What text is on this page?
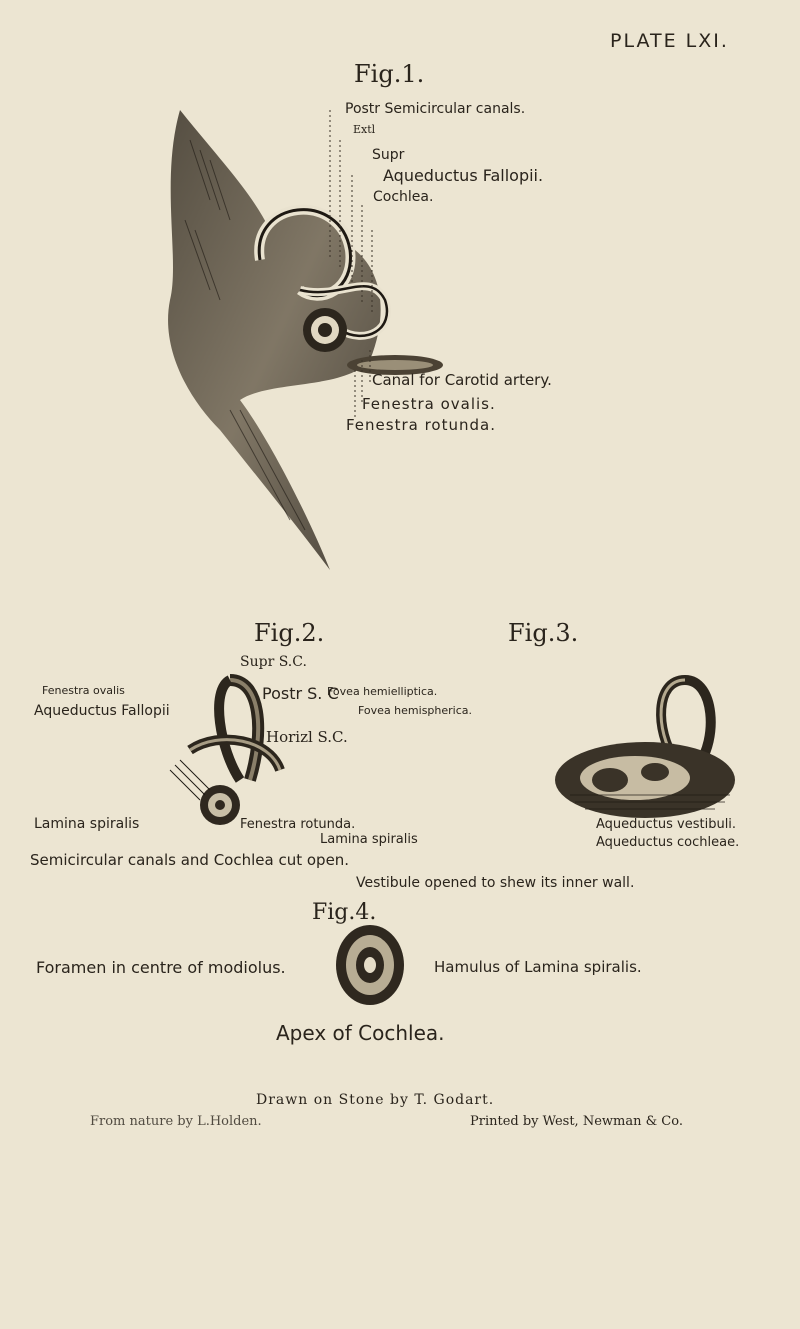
PLATE LXI.
Fig.1.
Postr Semicircular canals.
Extl
Supr
Aqueductus Fallopii.
Cochlea.
Canal for Carotid artery.
Fenestra ovalis.
Fenestra rotunda.
Fig.2.	Fig.3.
Supr S.C.
Fenestra ovalis
Aqueductus Fallopii
Postr S. C
Horizl S.C.
Lamina spiralis	Fenestra rotunda.
Fovea hemielliptica.
Fovea hemispherica.
Lamina spiralis
Aqueductus vestibuli.
Aqueductus cochleae.
Semicircular canals and Cochlea cut open.
Vestibule opened to shew its inner wall.
Fig.4.
Foramen in centre of modiolus.	Hamulus of Lamina spiralis.
Apex of Cochlea.
Drawn on Stone by T. Godart.
From nature by L.Holden.	Printed by West, Newman & Co.
